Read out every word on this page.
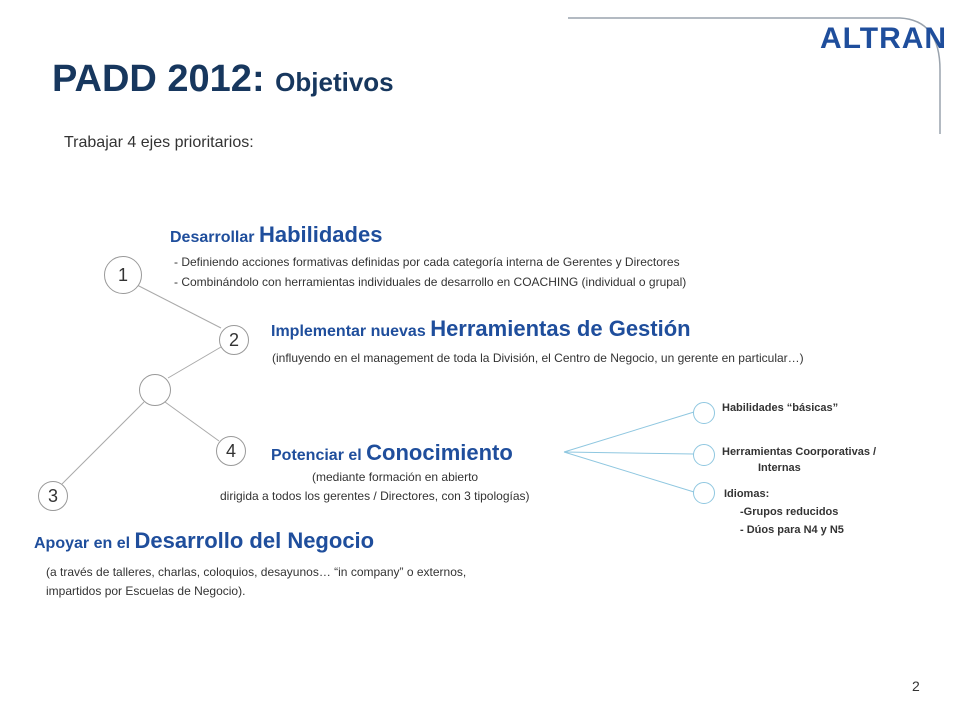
ALTRAN
PADD 2012: Objetivos
Trabajar 4 ejes prioritarios:
1
2
4
3
Desarrollar Habilidades
- Definiendo acciones formativas definidas por cada categoría interna de Gerentes y Directores
- Combinándolo con herramientas individuales de desarrollo en COACHING (individual o grupal)
Implementar nuevas Herramientas de Gestión
(influyendo en el management de toda la División, el Centro de Negocio, un gerente en particular…)
Potenciar el Conocimiento
(mediante formación en abierto
dirigida a todos los gerentes / Directores, con 3 tipologías)
Apoyar en el Desarrollo del Negocio
(a través de talleres, charlas, coloquios, desayunos… “in company” o externos,
impartidos por Escuelas de Negocio).
Habilidades “básicas”
Herramientas Coorporativas /
Internas
Idiomas:
-Grupos reducidos
- Dúos para N4 y N5
2
